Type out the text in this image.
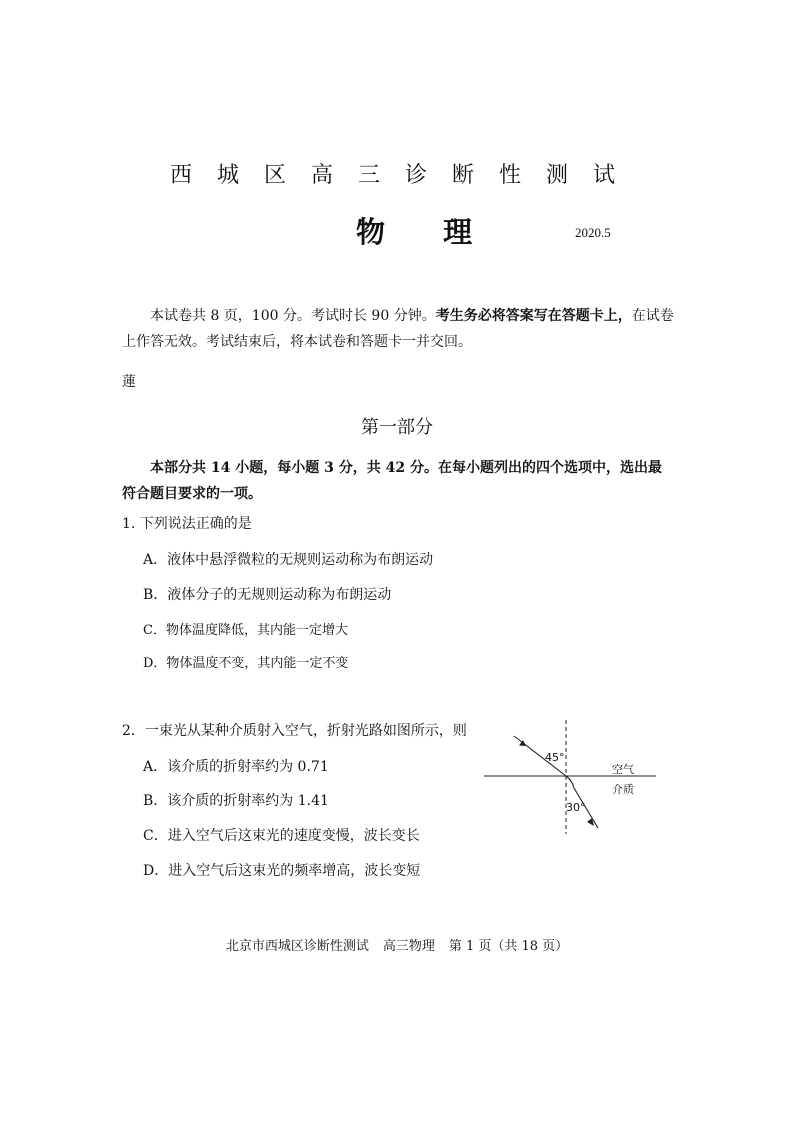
西 城 区 高 三 诊 断 性 测 试
物 理	2020.5
本试卷共 8 页，100 分。考试时长 90 分钟。考生务必将答案写在答题卡上，在试卷上作答无效。考试结束后，将本试卷和答题卡一并交回。
蓮
第一部分
本部分共 14 小题，每小题 3 分，共 42 分。在每小题列出的四个选项中，选出最符合题目要求的一项。
1. 下列说法正确的是
A．液体中悬浮微粒的无规则运动称为布朗运动
B．液体分子的无规则运动称为布朗运动
C．物体温度降低，其内能一定增大
D．物体温度不变，其内能一定不变
2．一束光从某种介质射入空气，折射光路如图所示，则
A．该介质的折射率约为 0.71
B．该介质的折射率约为 1.41
C．进入空气后这束光的速度变慢，波长变长
D．进入空气后这束光的频率增高，波长变短
45°
30°
空气
介质
北京市西城区诊断性测试 高三物理 第 1 页（共 18 页）
